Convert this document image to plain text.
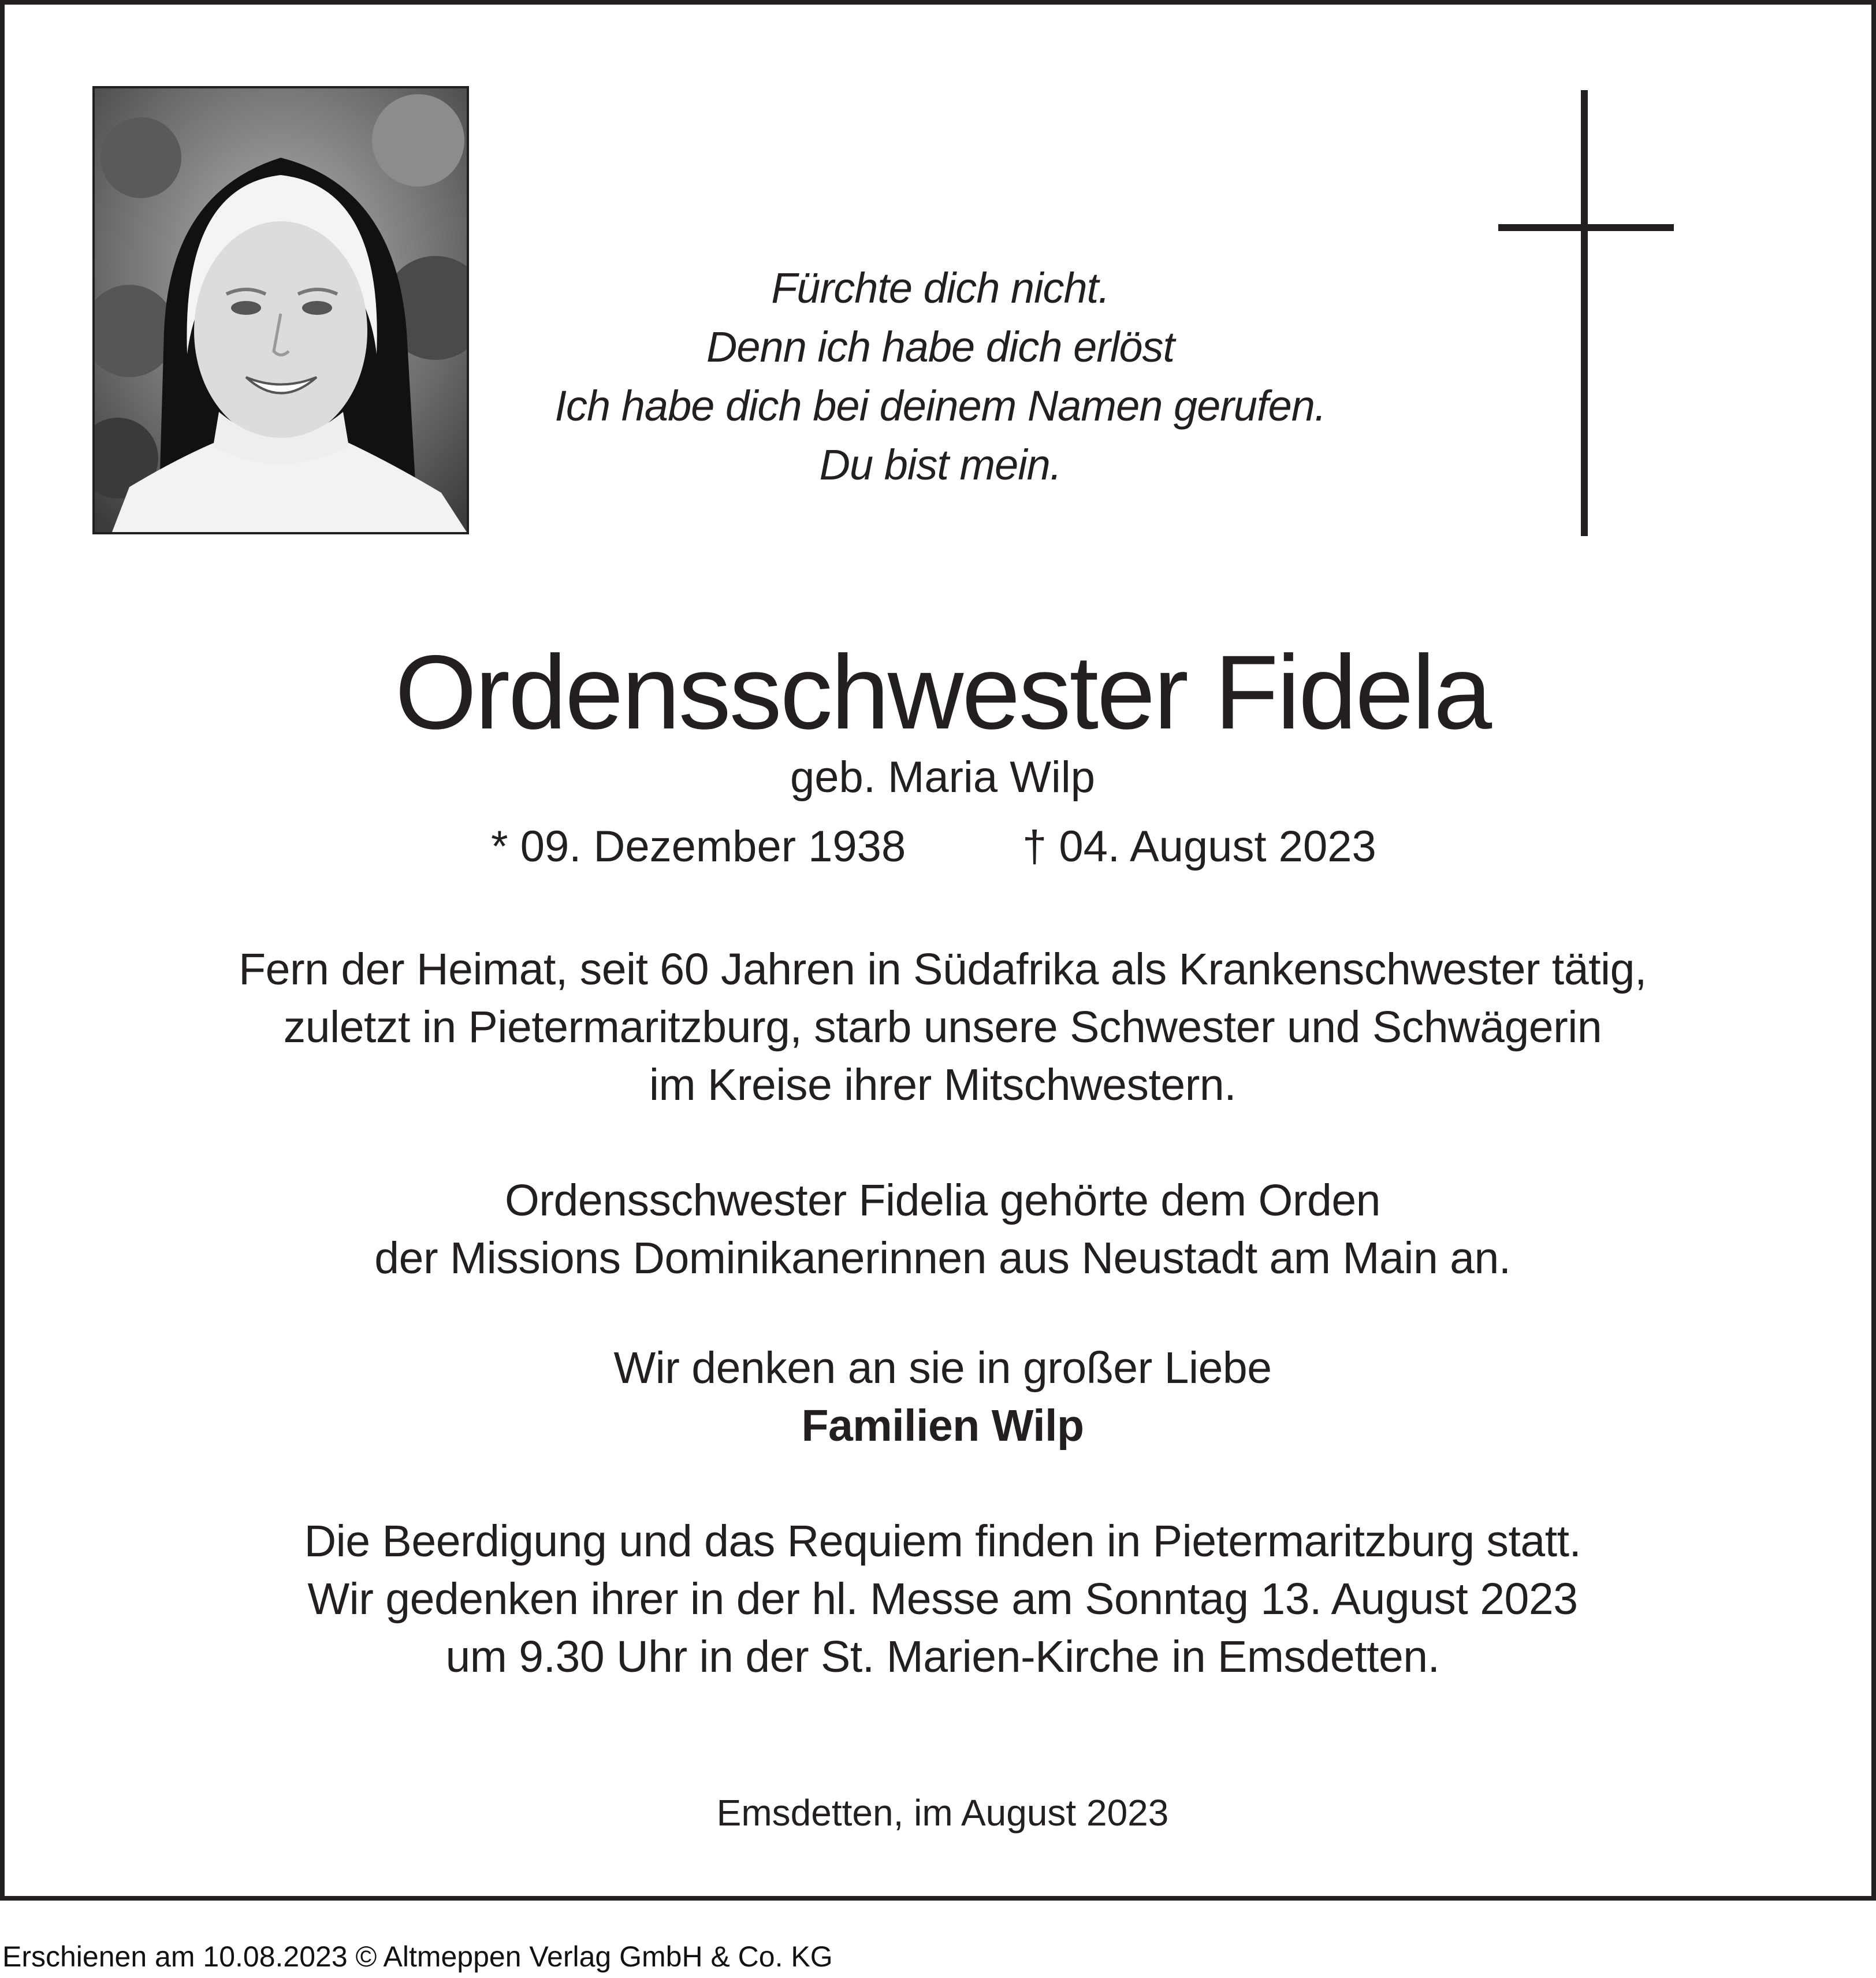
Fürchte dich nicht.
Denn ich habe dich erlöst
Ich habe dich bei deinem Namen gerufen.
Du bist mein.
Ordensschwester Fidela
geb. Maria Wilp
* 09. Dezember 1938	† 04. August 2023
Fern der Heimat, seit 60 Jahren in Südafrika als Krankenschwester tätig,
zuletzt in Pietermaritzburg, starb unsere Schwester und Schwägerin
im Kreise ihrer Mitschwestern.
Ordensschwester Fidelia gehörte dem Orden
der Missions Dominikanerinnen aus Neustadt am Main an.
Wir denken an sie in großer Liebe
Familien Wilp
Die Beerdigung und das Requiem finden in Pietermaritzburg statt.
Wir gedenken ihrer in der hl. Messe am Sonntag 13. August 2023
um 9.30 Uhr in der St. Marien-Kirche in Emsdetten.
Emsdetten, im August 2023
Erschienen am 10.08.2023 © Altmeppen Verlag GmbH & Co. KG
